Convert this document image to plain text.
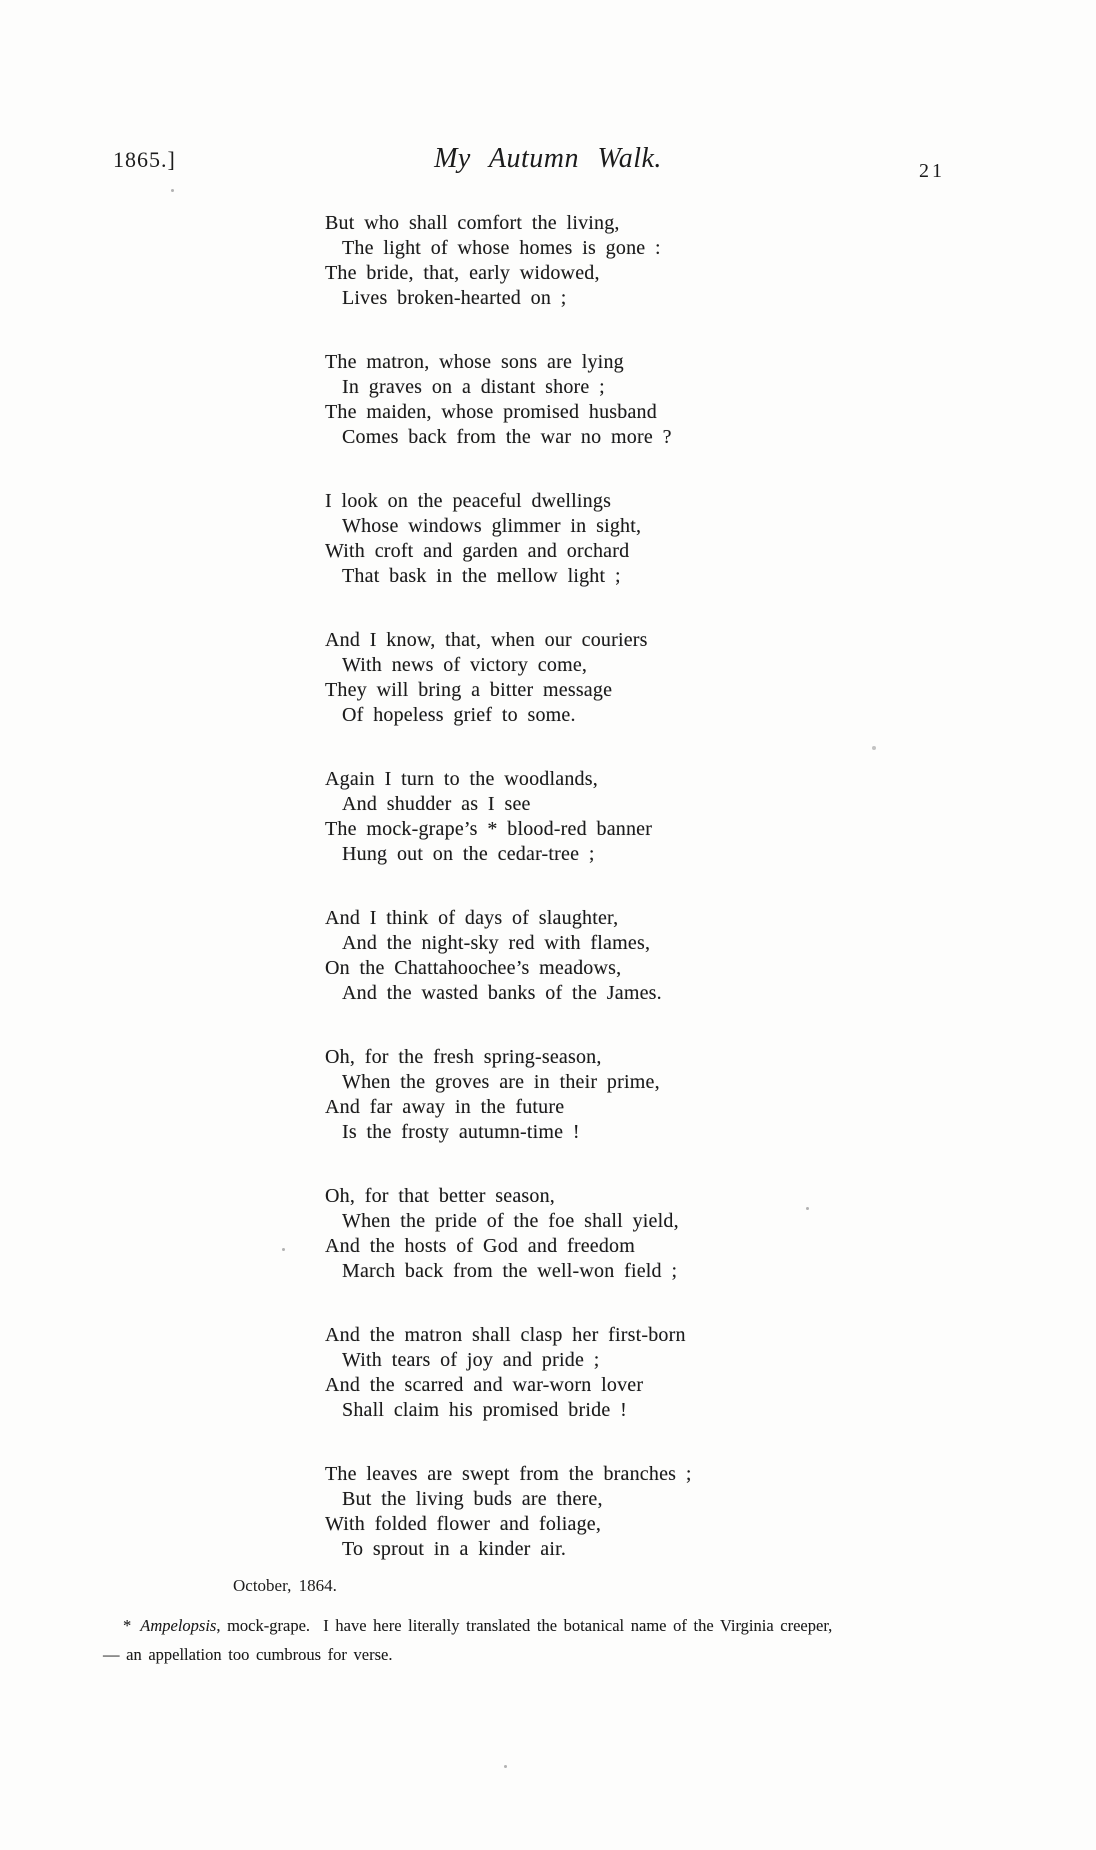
1865.]	My Autumn Walk.	21
But who shall comfort the living,
The light of whose homes is gone :
The bride, that, early widowed,
Lives broken-hearted on ;
The matron, whose sons are lying
In graves on a distant shore ;
The maiden, whose promised husband
Comes back from the war no more ?
I look on the peaceful dwellings
Whose windows glimmer in sight,
With croft and garden and orchard
That bask in the mellow light ;
And I know, that, when our couriers
With news of victory come,
They will bring a bitter message
Of hopeless grief to some.
Again I turn to the woodlands,
And shudder as I see
The mock-grape’s * blood-red banner
Hung out on the cedar-tree ;
And I think of days of slaughter,
And the night-sky red with flames,
On the Chattahoochee’s meadows,
And the wasted banks of the James.
Oh, for the fresh spring-season,
When the groves are in their prime,
And far away in the future
Is the frosty autumn-time !
Oh, for that better season,
When the pride of the foe shall yield,
And the hosts of God and freedom
March back from the well-won field ;
And the matron shall clasp her first-born
With tears of joy and pride ;
And the scarred and war-worn lover
Shall claim his promised bride !
The leaves are swept from the branches ;
But the living buds are there,
With folded flower and foliage,
To sprout in a kinder air.
October, 1864.
* Ampelopsis, mock-grape.  I have here literally translated the botanical name of the Virginia creeper,
— an appellation too cumbrous for verse.
